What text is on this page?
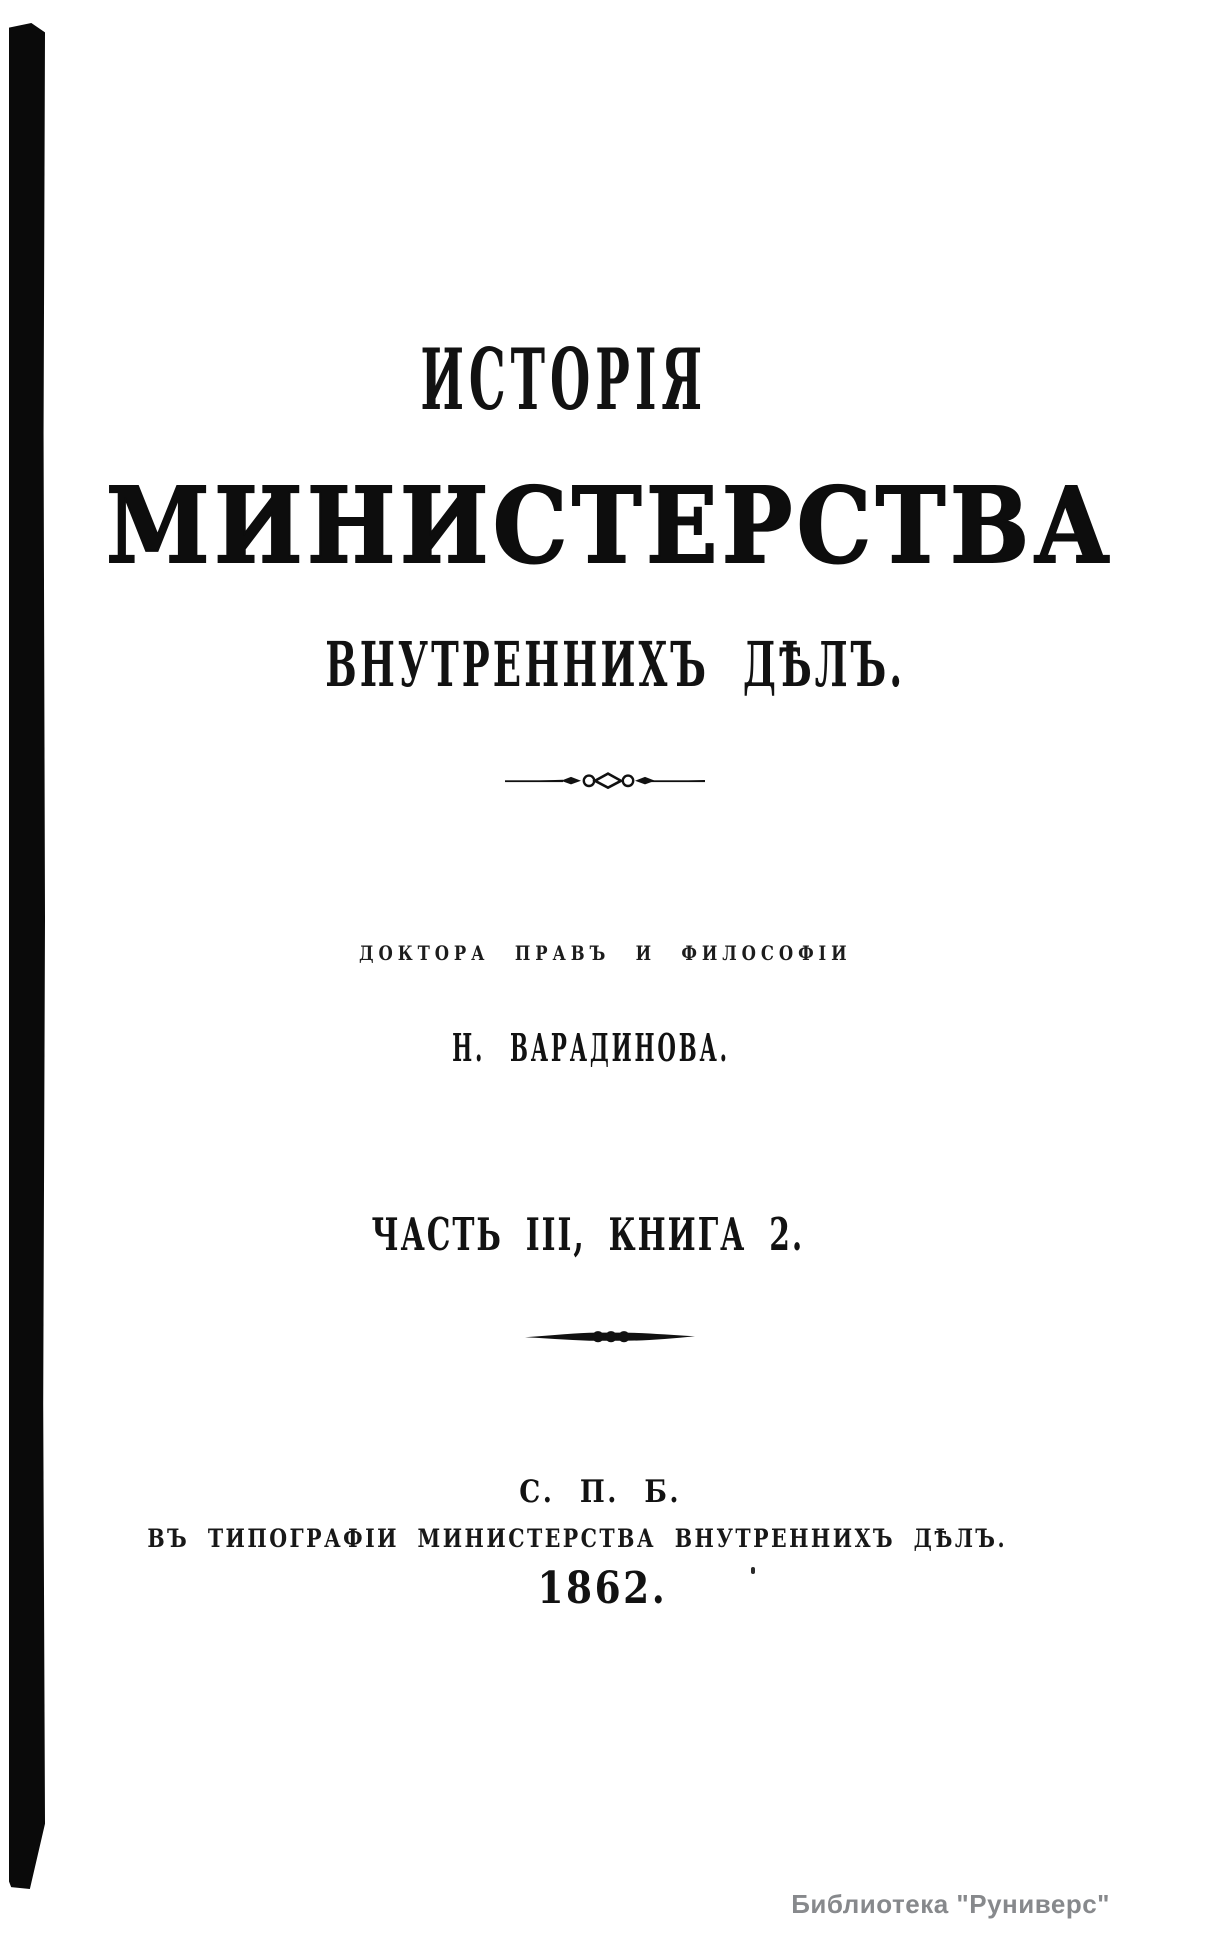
ИСТОРІЯ
МИНИСТЕРСТВА
ВНУТРЕННИХЪ ДѢЛЪ.
ДОКТОРА ПРАВЪ И ФИЛОСОФІИ
Н. ВАРАДИНОВА.
ЧАСТЬ III, КНИГА 2.
С. П. Б.
ВЪ ТИПОГРАФІИ МИНИСТЕРСТВА ВНУТРЕННИХЪ ДѢЛЪ.
1862.
Библиотека "Руниверс"
